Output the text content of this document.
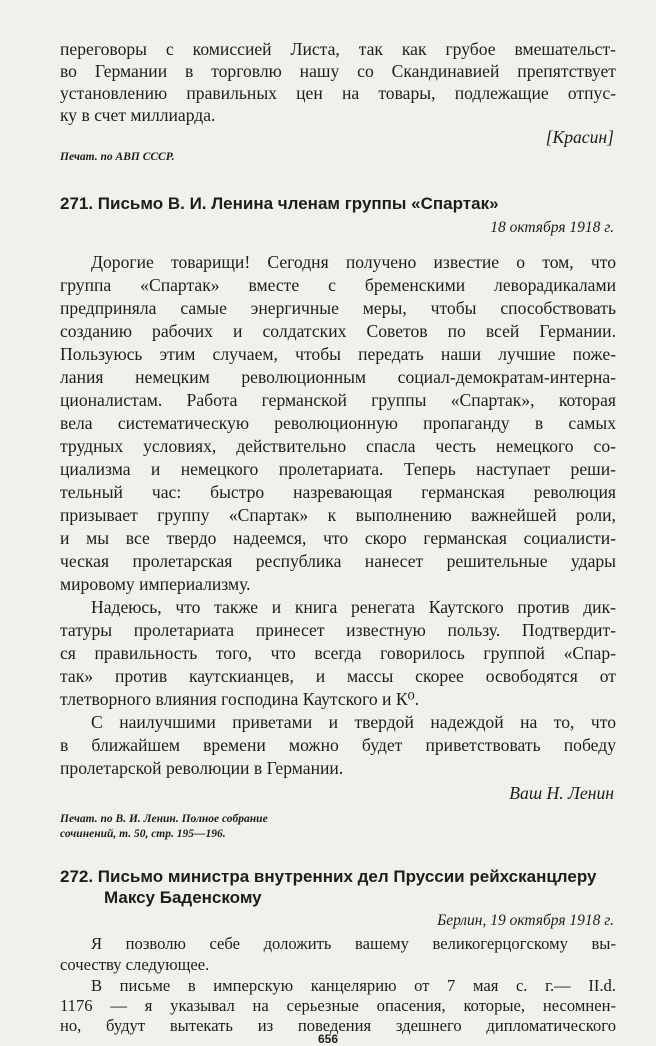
переговоры с комиссией Листа, так как грубое вмешательст-
во Германии в торговлю нашу со Скандинавией препятствует
установлению правильных цен на товары, подлежащие отпус-
ку в счет миллиарда.
[Красин]
Печат. по АВП СССР.
271. Письмо В. И. Ленина членам группы «Спартак»
18 октября 1918 г.
Дорогие товарищи! Сегодня получено известие о том, что
группа «Спартак» вместе с бременскими леворадикалами
предприняла самые энергичные меры, чтобы способствовать
созданию рабочих и солдатских Советов по всей Германии.
Пользуюсь этим случаем, чтобы передать наши лучшие поже-
лания немецким революционным социал-демократам-интерна-
ционалистам. Работа германской группы «Спартак», которая
вела систематическую революционную пропаганду в самых
трудных условиях, действительно спасла честь немецкого со-
циализма и немецкого пролетариата. Теперь наступает реши-
тельный час: быстро назревающая германская революция
призывает группу «Спартак» к выполнению важнейшей роли,
и мы все твердо надеемся, что скоро германская социалисти-
ческая пролетарская республика нанесет решительные удары
мировому империализму.
Надеюсь, что также и книга ренегата Каутского против дик-
татуры пролетариата принесет известную пользу. Подтвердит-
ся правильность того, что всегда говорилось группой «Спар-
так» против каутскианцев, и массы скорее освободятся от
тлетворного влияния господина Каутского и К⁰.
С наилучшими приветами и твердой надеждой на то, что
в ближайшем времени можно будет приветствовать победу
пролетарской революции в Германии.
Ваш Н. Ленин
Печат. по В. И. Ленин. Полное собрание
сочинений, т. 50, стр. 195—196.
272. Письмо министра внутренних дел Пруссии рейхсканцлеру
Максу Баденскому
Берлин, 19 октября 1918 г.
Я позволю себе доложить вашему великогерцогскому вы-
сочеству следующее.
В письме в имперскую канцелярию от 7 мая с. г.— II.d.
1176 — я указывал на серьезные опасения, которые, несомнен-
но, будут вытекать из поведения здешнего дипломатического
656
